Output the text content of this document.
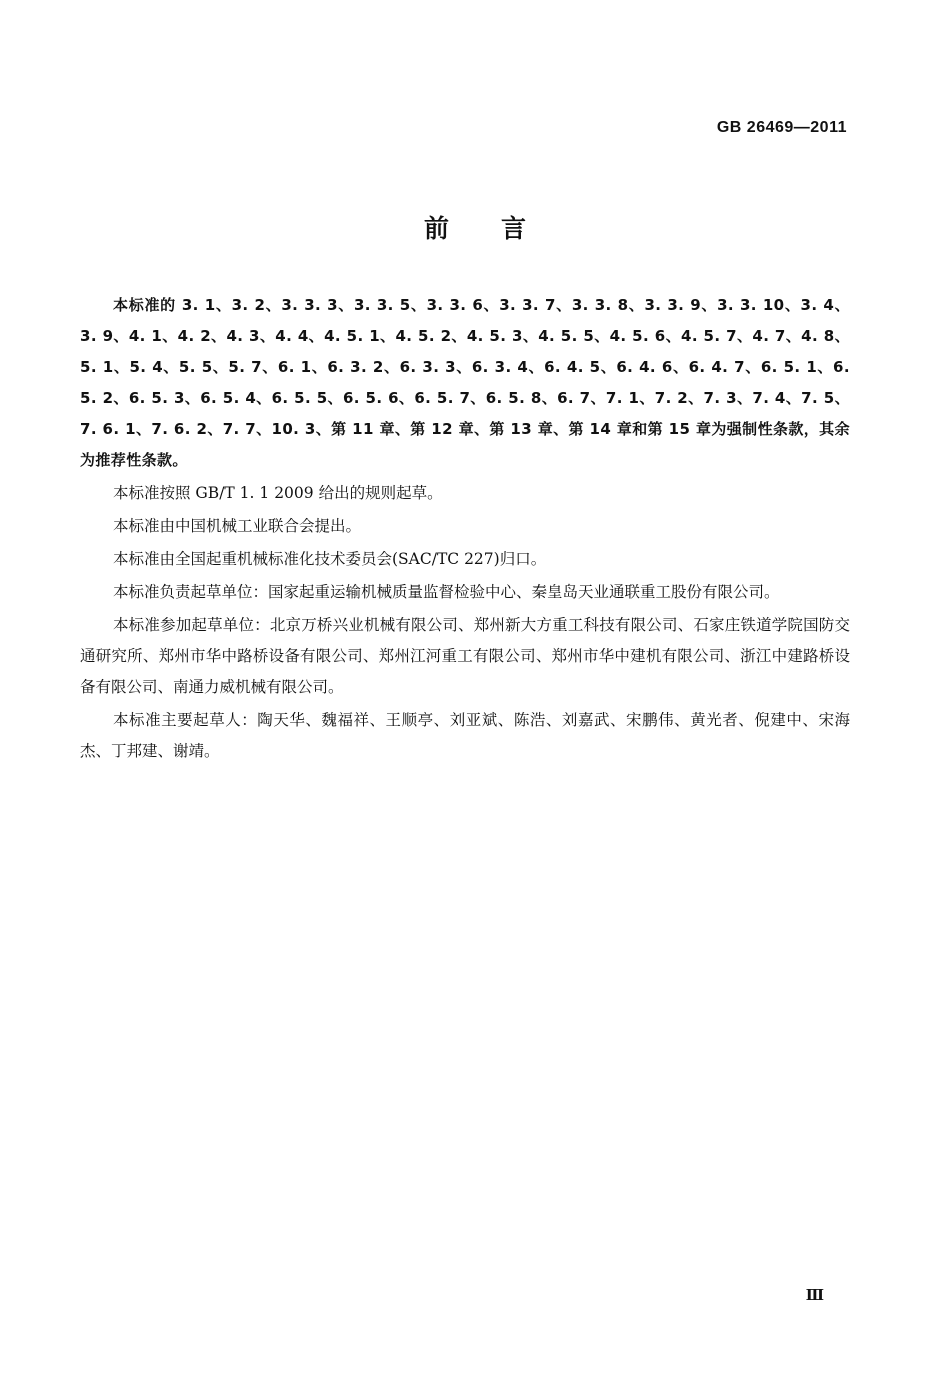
GB 26469—2011
前言

本标准的 3. 1、3. 2、3. 3. 3、3. 3. 5、3. 3. 6、3. 3. 7、3. 3. 8、3. 3. 9、3. 3. 10、3. 4、3. 9、4. 1、4. 2、4. 3、4. 4、4. 5. 1、4. 5. 2、4. 5. 3、4. 5. 5、4. 5. 6、4. 5. 7、4. 7、4. 8、5. 1、5. 4、5. 5、5. 7、6. 1、6. 3. 2、6. 3. 3、6. 3. 4、6. 4. 5、6. 4. 6、6. 4. 7、6. 5. 1、6. 5. 2、6. 5. 3、6. 5. 4、6. 5. 5、6. 5. 6、6. 5. 7、6. 5. 8、6. 7、7. 1、7. 2、7. 3、7. 4、7. 5、7. 6. 1、7. 6. 2、7. 7、10. 3、第 11 章、第 12 章、第 13 章、第 14 章和第 15 章为强制性条款，其余为推荐性条款。

本标准按照 GB/T 1. 1 2009 给出的规则起草。

本标准由中国机械工业联合会提出。

本标准由全国起重机械标准化技术委员会(SAC/TC 227)归口。

本标准负责起草单位：国家起重运输机械质量监督检验中心、秦皇岛天业通联重工股份有限公司。

本标准参加起草单位：北京万桥兴业机械有限公司、郑州新大方重工科技有限公司、石家庄铁道学院国防交通研究所、郑州市华中路桥设备有限公司、郑州江河重工有限公司、郑州市华中建机有限公司、浙江中建路桥设备有限公司、南通力威机械有限公司。

本标准主要起草人：陶天华、魏福祥、王顺亭、刘亚斌、陈浩、刘嘉武、宋鹏伟、黄光者、倪建中、宋海杰、丁邦建、谢靖。

Ⅲ
